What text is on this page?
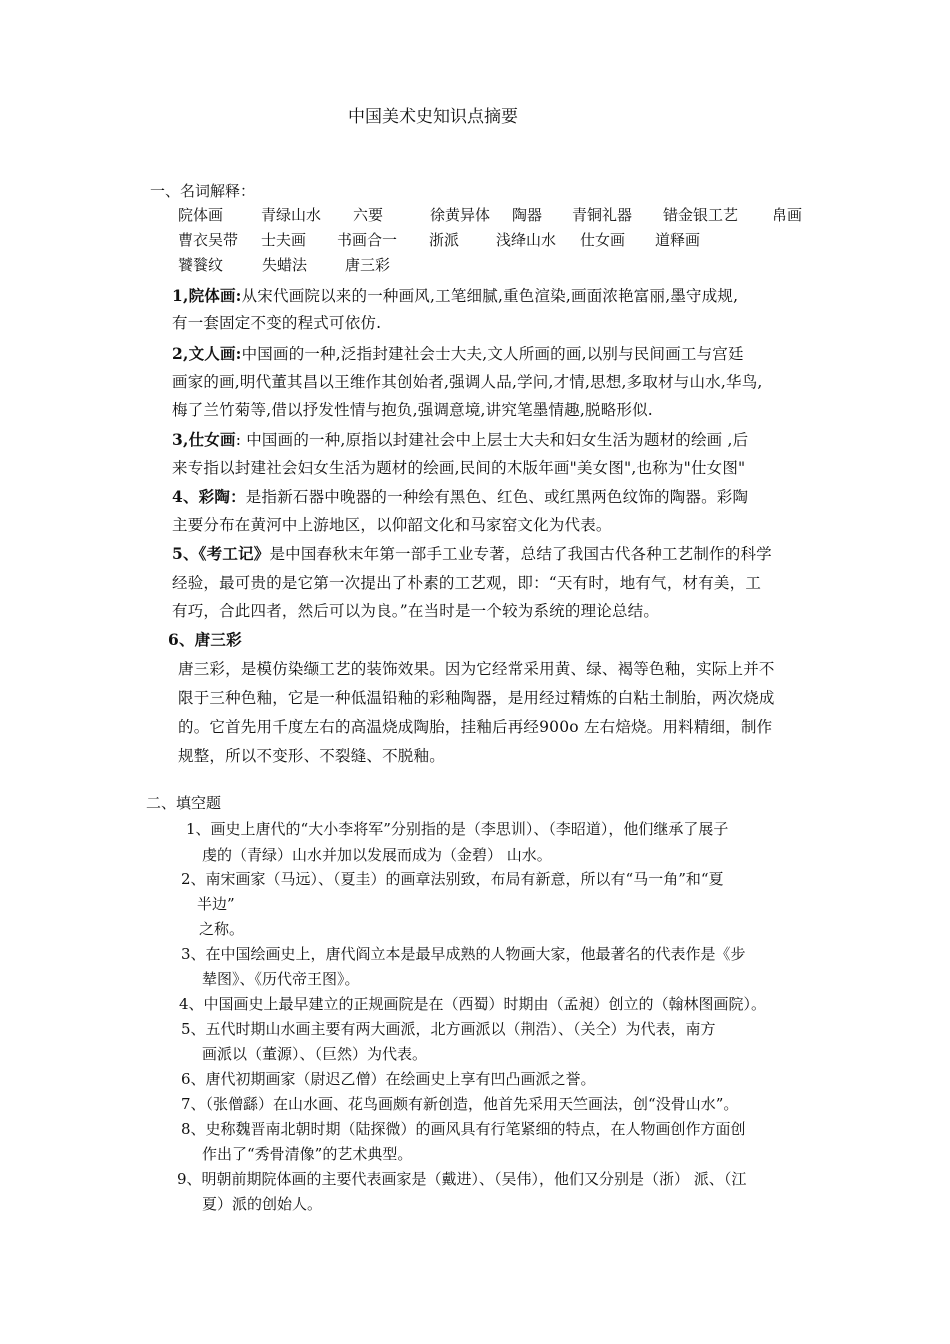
中国美术史知识点摘要
一、名词解释：
院体画	青绿山水 六要	徐黄异体 陶器 青铜礼器 错金银工艺 帛画
曹衣吴带 士夫画 书画合一 浙派 浅绛山水 仕女画 道释画
饕餮纹	失蜡法	唐三彩
1,院体画:从宋代画院以来的一种画风,工笔细腻,重色渲染,画面浓艳富丽,墨守成规,
有一套固定不变的程式可依仿.
2,文人画:中国画的一种,泛指封建社会士大夫,文人所画的画,以别与民间画工与宫廷
画家的画,明代董其昌以王维作其创始者,强调人品,学问,才情,思想,多取材与山水,华鸟,
梅了兰竹菊等,借以抒发性情与抱负,强调意境,讲究笔墨情趣,脱略形似.
3,仕女画: 中国画的一种,原指以封建社会中上层士大夫和妇女生活为题材的绘画 ,后
来专指以封建社会妇女生活为题材的绘画,民间的木版年画"美女图",也称为"仕女图"
4、彩陶：是指新石器中晚器的一种绘有黑色、红色、或红黑两色纹饰的陶器。彩陶
主要分布在黄河中上游地区，以仰韶文化和马家窑文化为代表。
5、《考工记》是中国春秋末年第一部手工业专著，总结了我国古代各种工艺制作的科学
经验，最可贵的是它第一次提出了朴素的工艺观，即：“天有时，地有气，材有美，工
有巧，合此四者，然后可以为良。”在当时是一个较为系统的理论总结。
6、唐三彩
唐三彩，是模仿染缬工艺的装饰效果。因为它经常采用黄、绿、褐等色釉，实际上并不
限于三种色釉，它是一种低温铅釉的彩釉陶器，是用经过精炼的白粘土制胎，两次烧成
的。它首先用千度左右的高温烧成陶胎，挂釉后再经900o 左右焙烧。用料精细，制作
规整，所以不变形、不裂缝、不脱釉。
二、填空题
1、画史上唐代的“大小李将军”分别指的是（李思训）、（李昭道），他们继承了展子
虔的（青绿）山水并加以发展而成为（金碧） 山水。
2、南宋画家（马远）、（夏圭）的画章法别致，布局有新意，所以有“马一角”和“夏
半边”
之称。
3、在中国绘画史上，唐代阎立本是最早成熟的人物画大家，他最著名的代表作是《步
辇图》、《历代帝王图》。
4、中国画史上最早建立的正规画院是在（西蜀）时期由（孟昶）创立的（翰林图画院）。
5、五代时期山水画主要有两大画派，北方画派以（荆浩）、（关仝）为代表，南方
画派以（董源）、（巨然）为代表。
6、唐代初期画家（尉迟乙僧）在绘画史上享有凹凸画派之誉。
7、（张僧繇）在山水画、花鸟画颇有新创造，他首先采用天竺画法，创“没骨山水”。
8、史称魏晋南北朝时期（陆探微）的画风具有行笔紧细的特点，在人物画创作方面创
作出了“秀骨清像”的艺术典型。
9、明朝前期院体画的主要代表画家是（戴进）、（吴伟），他们又分别是（浙） 派、（江
夏）派的创始人。
